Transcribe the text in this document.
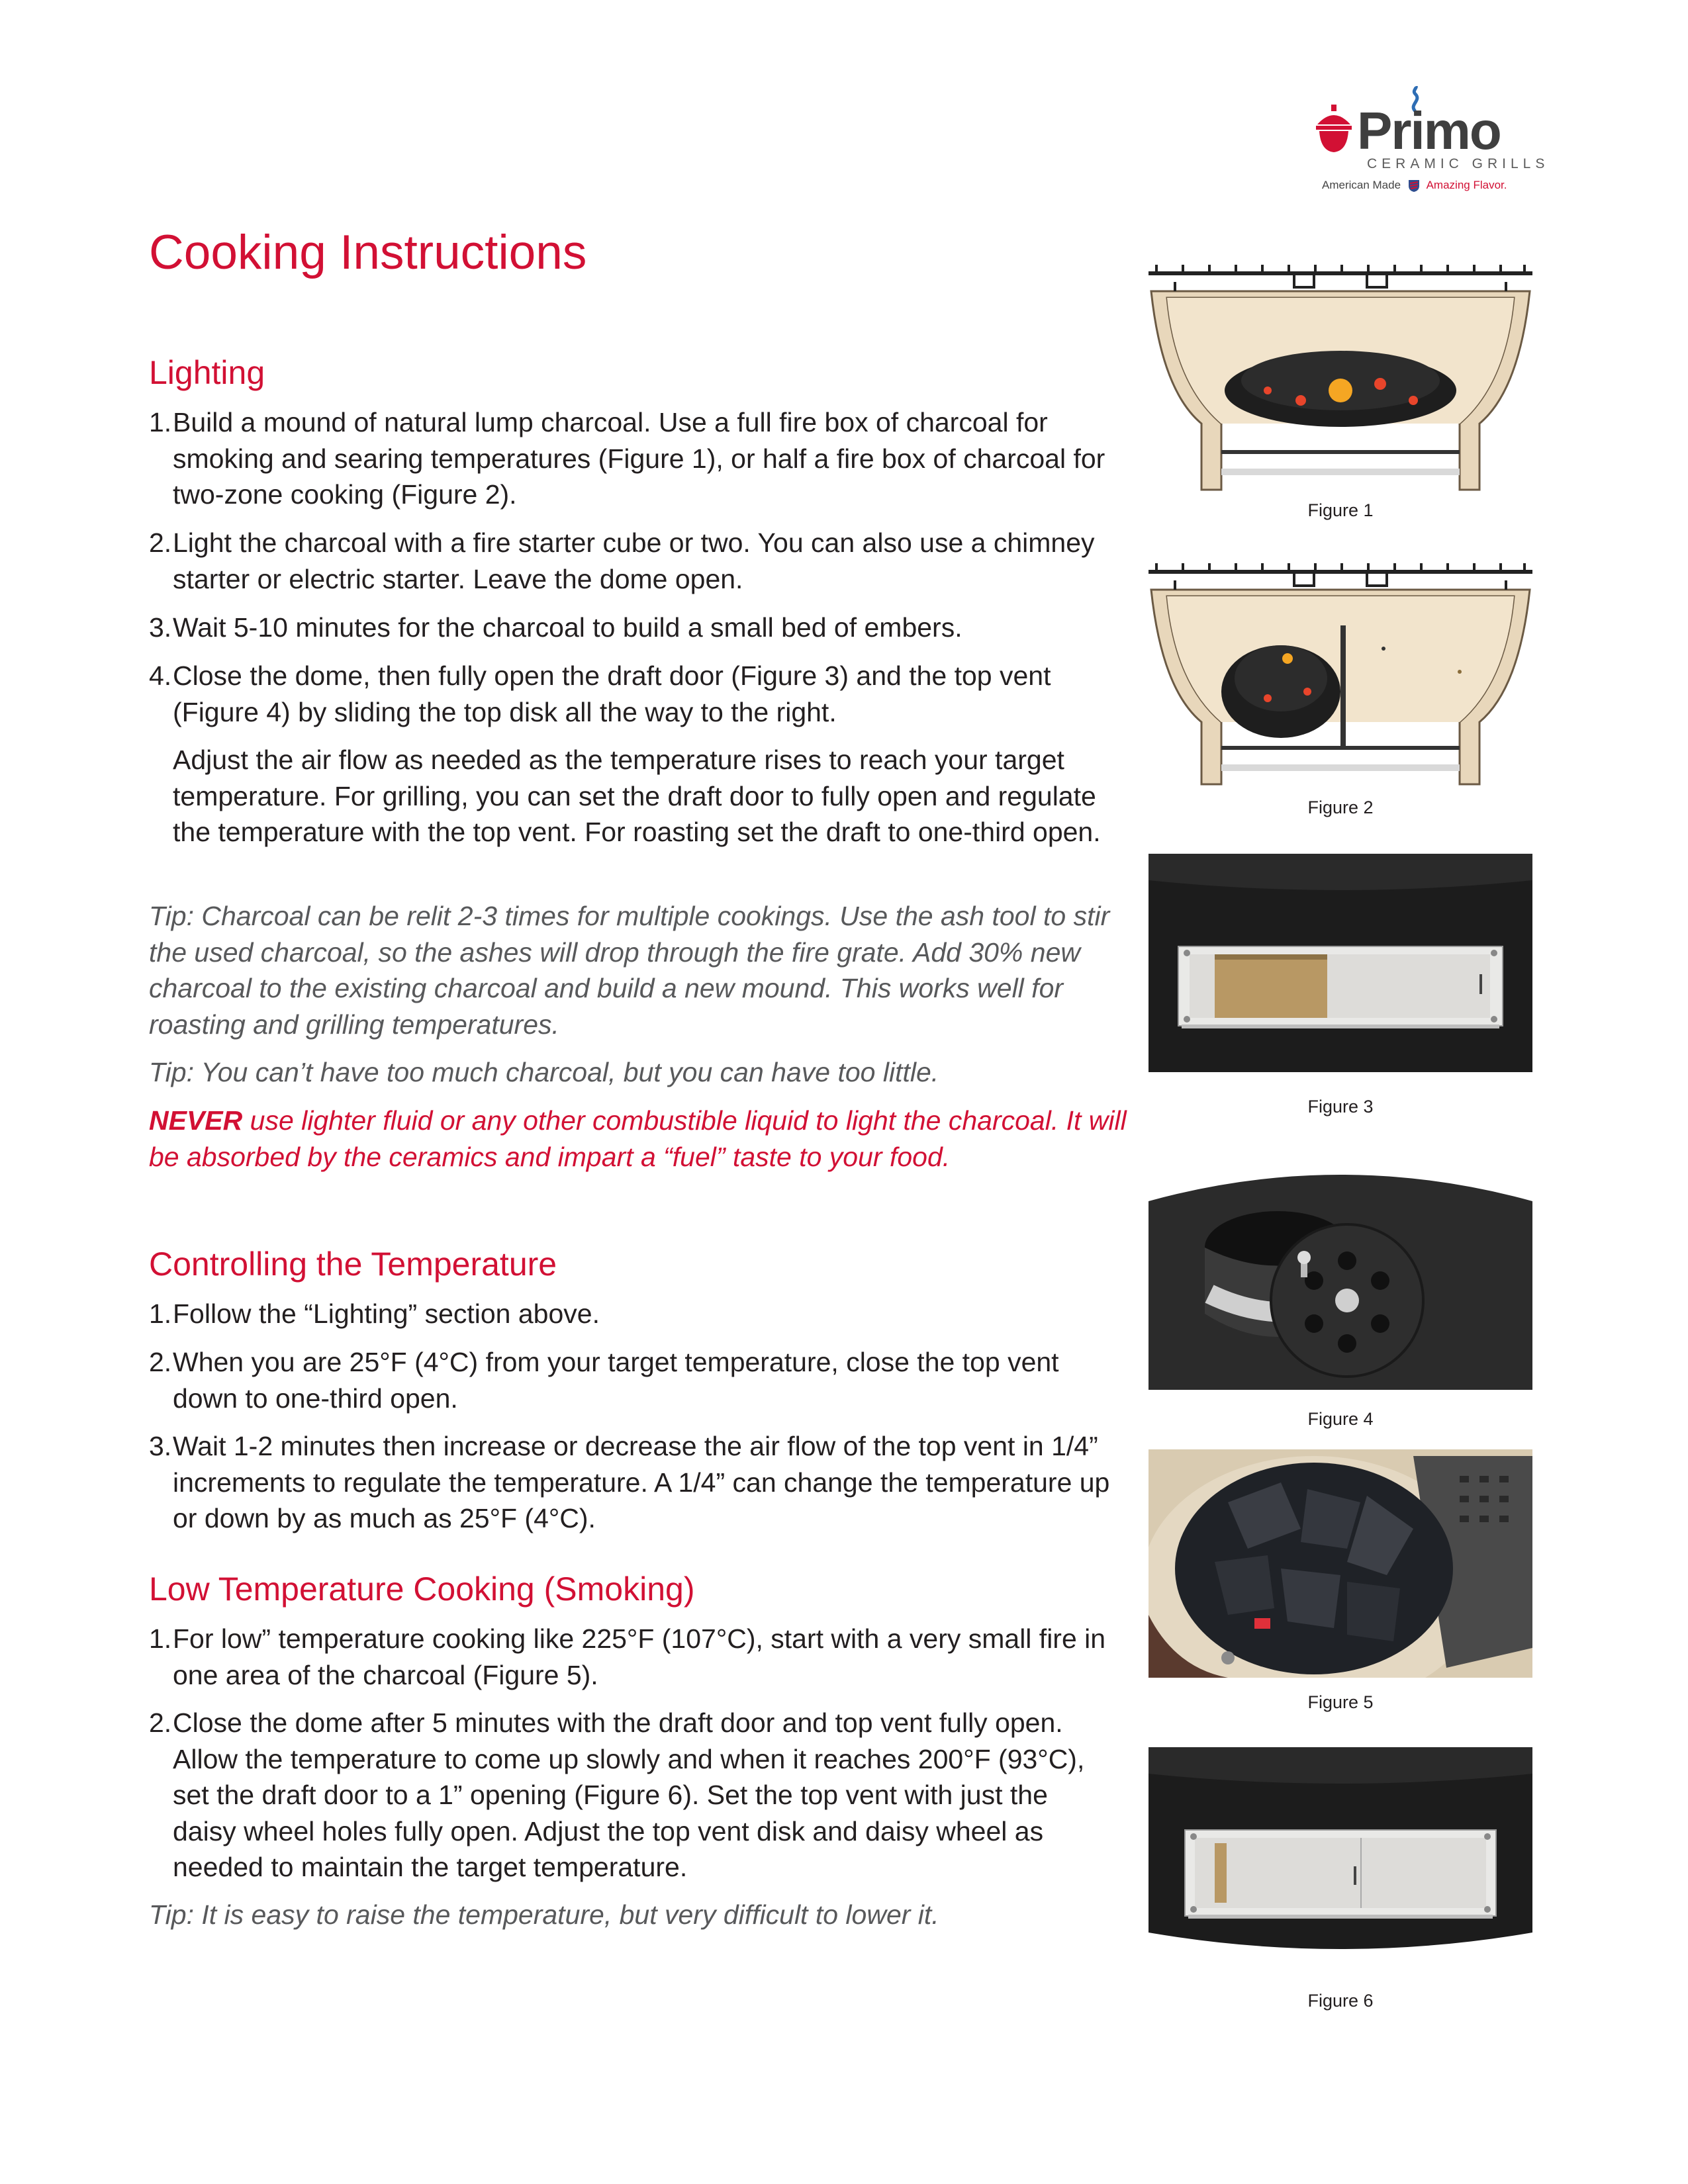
Primo
CERAMIC GRILLS
American Made Amazing Flavor.
Cooking Instructions
Lighting
1. Build a mound of natural lump charcoal. Use a full fire box of charcoal for smoking and searing temperatures (Figure 1), or half a fire box of charcoal for two-zone cooking (Figure 2).
2. Light the charcoal with a fire starter cube or two. You can also use a chimney starter or electric starter. Leave the dome open.
3. Wait 5-10 minutes for the charcoal to build a small bed of embers.
4. Close the dome, then fully open the draft door (Figure 3) and the top vent (Figure 4) by sliding the top disk all the way to the right.
Adjust the air flow as needed as the temperature rises to reach your target temperature. For grilling, you can set the draft door to fully open and regulate the temperature with the top vent. For roasting set the draft to one-third open.
Tip: Charcoal can be relit 2-3 times for multiple cookings. Use the ash tool to stir the used charcoal, so the ashes will drop through the fire grate. Add 30% new charcoal to the existing charcoal and build a new mound. This works well for roasting and grilling temperatures.
Tip: You can’t have too much charcoal, but you can have too little.
NEVER use lighter fluid or any other combustible liquid to light the charcoal. It will be absorbed by the ceramics and impart a “fuel” taste to your food.
Controlling the Temperature
1. Follow the “Lighting” section above.
2. When you are 25°F (4°C) from your target temperature, close the top vent down to one-third open.
3. Wait 1-2 minutes then increase or decrease the air flow of the top vent in 1/4” increments to regulate the temperature. A 1/4” can change the temperature up or down by as much as 25°F (4°C).
Low Temperature Cooking (Smoking)
1. For low” temperature cooking like 225°F (107°C), start with a very small fire in one area of the charcoal (Figure 5).
2. Close the dome after 5 minutes with the draft door and top vent fully open. Allow the temperature to come up slowly and when it reaches 200°F (93°C), set the draft door to a 1” opening (Figure 6). Set the top vent with just the daisy wheel holes fully open. Adjust the top vent disk and daisy wheel as needed to maintain the target temperature.
Tip: It is easy to raise the temperature, but very difficult to lower it.
Figure 1
Figure 2
Figure 3
Figure 4
Figure 5
Figure 6
